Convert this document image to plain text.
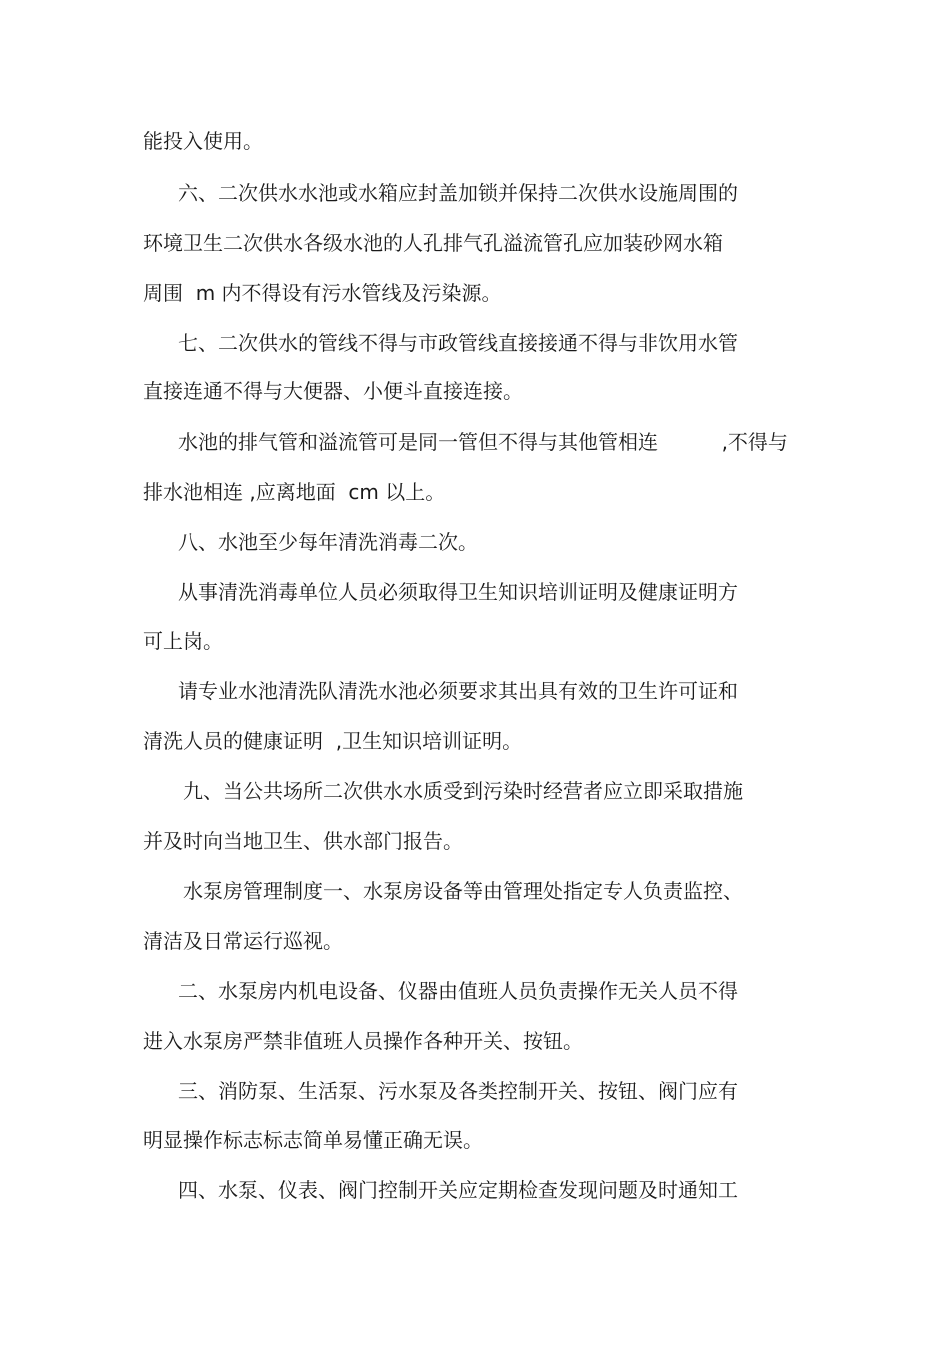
能投入使用。

六、二次供水水池或水箱应封盖加锁并保持二次供水设施周围的

环境卫生二次供水各级水池的人孔排气孔溢流管孔应加装砂网水箱

周围  m 内不得设有污水管线及污染源。

七、二次供水的管线不得与市政管线直接接通不得与非饮用水管

直接连通不得与大便器、小便斗直接连接。

水池的排气管和溢流管可是同一管但不得与其他管相连          ,不得与

排水池相连 ,应离地面  cm 以上。

八、水池至少每年清洗消毒二次。

从事清洗消毒单位人员必须取得卫生知识培训证明及健康证明方

可上岗。

请专业水池清洗队清洗水池必须要求其出具有效的卫生许可证和

清洗人员的健康证明  ,卫生知识培训证明。

九、当公共场所二次供水水质受到污染时经营者应立即采取措施

并及时向当地卫生、供水部门报告。

水泵房管理制度一、水泵房设备等由管理处指定专人负责监控、

清洁及日常运行巡视。

二、水泵房内机电设备、仪器由值班人员负责操作无关人员不得

进入水泵房严禁非值班人员操作各种开关、按钮。

三、消防泵、生活泵、污水泵及各类控制开关、按钮、阀门应有

明显操作标志标志简单易懂正确无误。

四、水泵、仪表、阀门控制开关应定期检查发现问题及时通知工
